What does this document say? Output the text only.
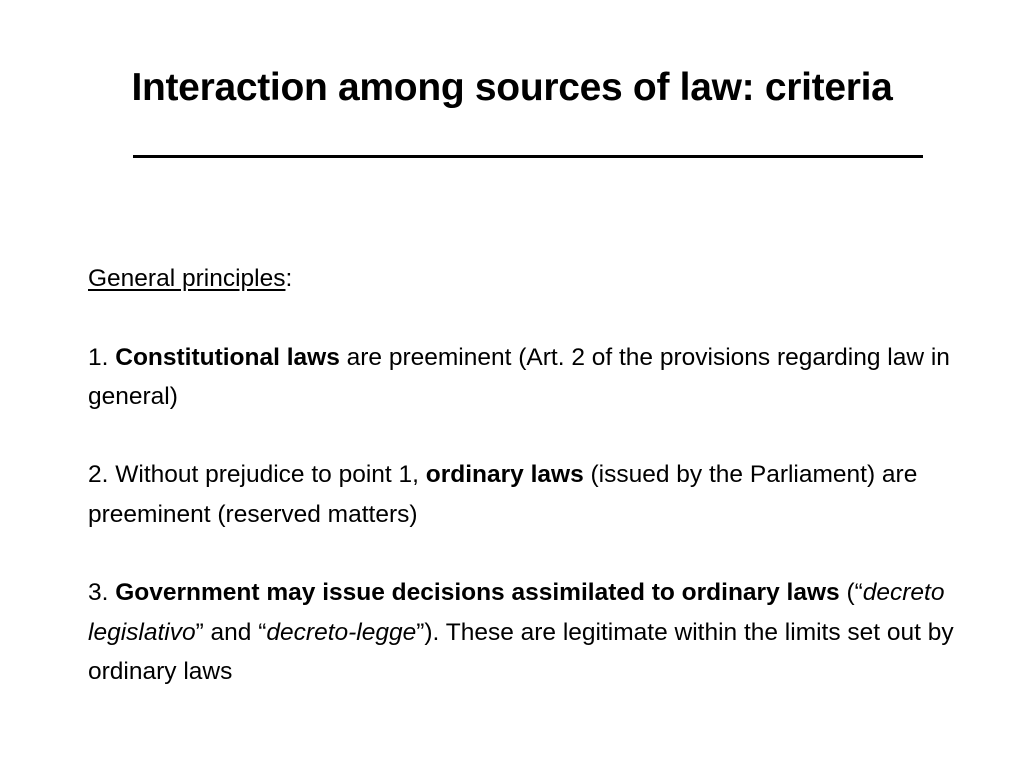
Interaction among sources of law: criteria

General principles:

1. Constitutional laws are preeminent (Art. 2 of the provisions regarding law in general)

2. Without prejudice to point 1, ordinary laws (issued by the Parliament) are preeminent (reserved matters)

3. Government may issue decisions assimilated to ordinary laws (“decreto legislativo” and “decreto-legge”). These are legitimate within the limits set out by ordinary laws
